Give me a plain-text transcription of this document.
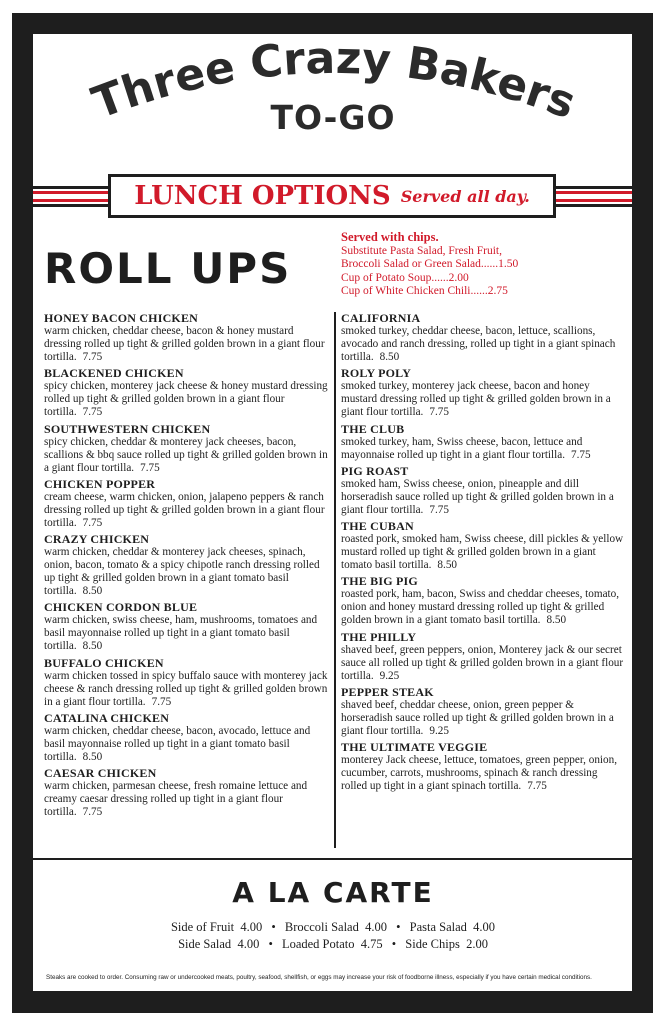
Three Crazy Bakers
TO-GO
LUNCH OPTIONS Served all day.
ROLL UPS
Served with chips.
Substitute Pasta Salad, Fresh Fruit,
Broccoli Salad or Green Salad......1.50
Cup of Potato Soup......2.00
Cup of White Chicken Chili......2.75
HONEY BACON CHICKEN
warm chicken, cheddar cheese, bacon & honey mustard dressing rolled up tight & grilled golden brown in a giant flour tortilla. 7.75
BLACKENED CHICKEN
spicy chicken, monterey jack cheese & honey mustard dressing rolled up tight & grilled golden brown in a giant flour tortilla. 7.75
SOUTHWESTERN CHICKEN
spicy chicken, cheddar & monterey jack cheeses, bacon, scallions & bbq sauce rolled up tight & grilled golden brown in a giant flour tortilla. 7.75
CHICKEN POPPER
cream cheese, warm chicken, onion, jalapeno peppers & ranch dressing rolled up tight & grilled golden brown in a giant flour tortilla. 7.75
CRAZY CHICKEN
warm chicken, cheddar & monterey jack cheeses, spinach, onion, bacon, tomato & a spicy chipotle ranch dressing rolled up tight & grilled golden brown in a giant tomato basil tortilla. 8.50
CHICKEN CORDON BLUE
warm chicken, swiss cheese, ham, mushrooms, tomatoes and basil mayonnaise rolled up tight in a giant tomato basil tortilla. 8.50
BUFFALO CHICKEN
warm chicken tossed in spicy buffalo sauce with monterey jack cheese & ranch dressing rolled up tight & grilled golden brown in a giant flour tortilla. 7.75
CATALINA CHICKEN
warm chicken, cheddar cheese, bacon, avocado, lettuce and basil mayonnaise rolled up tight in a giant tomato basil tortilla. 8.50
CAESAR CHICKEN
warm chicken, parmesan cheese, fresh romaine lettuce and creamy caesar dressing rolled up tight in a giant flour tortilla. 7.75
CALIFORNIA
smoked turkey, cheddar cheese, bacon, lettuce, scallions, avocado and ranch dressing, rolled up tight in a giant spinach tortilla. 8.50
ROLY POLY
smoked turkey, monterey jack cheese, bacon and honey mustard dressing rolled up tight & grilled golden brown in a giant flour tortilla. 7.75
THE CLUB
smoked turkey, ham, Swiss cheese, bacon, lettuce and mayonnaise rolled up tight in a giant flour tortilla. 7.75
PIG ROAST
smoked ham, Swiss cheese, onion, pineapple and dill horseradish sauce rolled up tight & grilled golden brown in a giant flour tortilla. 7.75
THE CUBAN
roasted pork, smoked ham, Swiss cheese, dill pickles & yellow mustard rolled up tight & grilled golden brown in a giant tomato basil tortilla. 8.50
THE BIG PIG
roasted pork, ham, bacon, Swiss and cheddar cheeses, tomato, onion and honey mustard dressing rolled up tight & grilled golden brown in a giant tomato basil tortilla. 8.50
THE PHILLY
shaved beef, green peppers, onion, Monterey jack & our secret sauce all rolled up tight & grilled golden brown in a giant flour tortilla. 9.25
PEPPER STEAK
shaved beef, cheddar cheese, onion, green pepper & horseradish sauce rolled up tight & grilled golden brown in a giant flour tortilla. 9.25
THE ULTIMATE VEGGIE
monterey Jack cheese, lettuce, tomatoes, green pepper, onion, cucumber, carrots, mushrooms, spinach & ranch dressing rolled up tight in a giant spinach tortilla. 7.75
A LA CARTE
Side of Fruit 4.00 • Broccoli Salad 4.00 • Pasta Salad 4.00
Side Salad 4.00 • Loaded Potato 4.75 • Side Chips 2.00
Steaks are cooked to order. Consuming raw or undercooked meats, poultry, seafood, shellfish, or eggs may increase your risk of foodborne illness, especially if you have certain medical conditions.
